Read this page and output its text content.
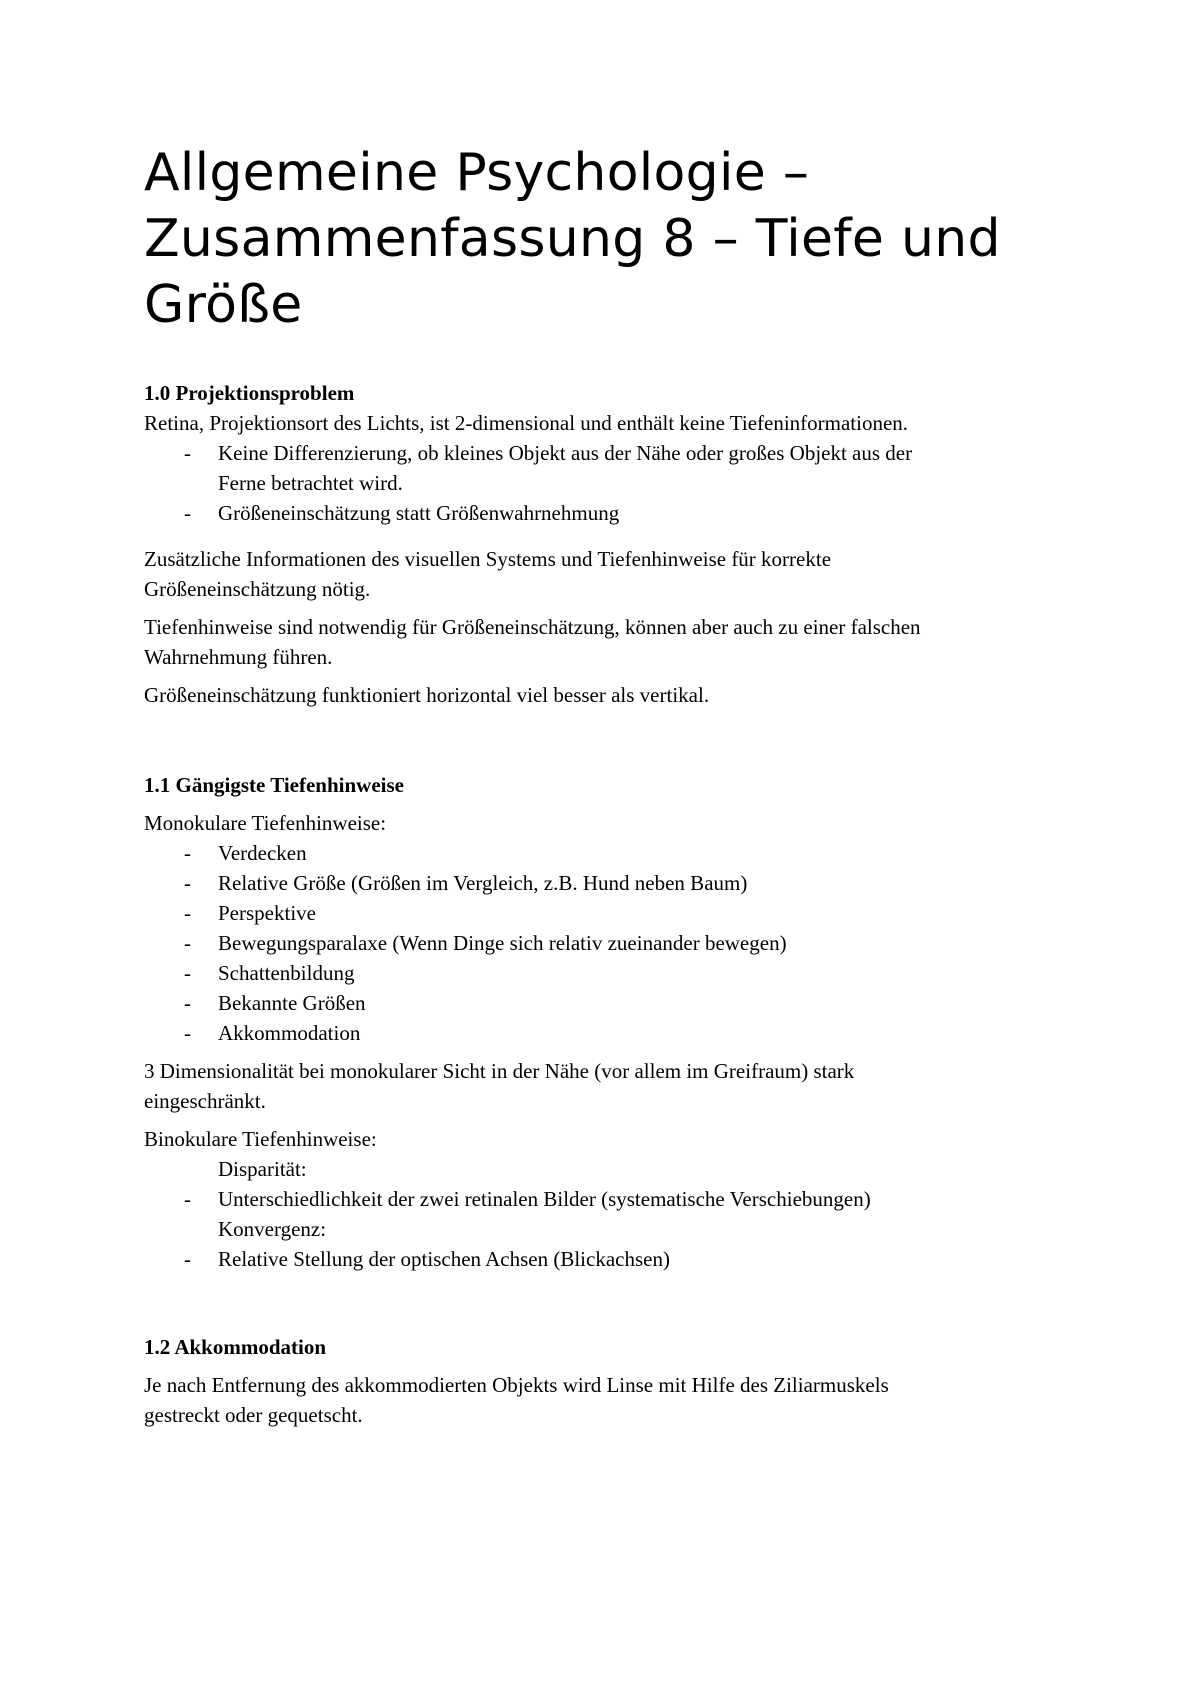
Allgemeine Psychologie –
Zusammenfassung 8 – Tiefe und
Größe

1.0 Projektionsproblem

Retina, Projektionsort des Lichts, ist 2-dimensional und enthält keine Tiefeninformationen.

- Keine Differenzierung, ob kleines Objekt aus der Nähe oder großes Objekt aus der
Ferne betrachtet wird.
- Größeneinschätzung statt Größenwahrnehmung

Zusätzliche Informationen des visuellen Systems und Tiefenhinweise für korrekte

Größeneinschätzung nötig.

Tiefenhinweise sind notwendig für Größeneinschätzung, können aber auch zu einer falschen

Wahrnehmung führen.

Größeneinschätzung funktioniert horizontal viel besser als vertikal.

1.1 Gängigste Tiefenhinweise

Monokulare Tiefenhinweise:

- Verdecken
- Relative Größe (Größen im Vergleich, z.B. Hund neben Baum)
- Perspektive
- Bewegungsparalaxe (Wenn Dinge sich relativ zueinander bewegen)
- Schattenbildung
- Bekannte Größen
- Akkommodation

3 Dimensionalität bei monokularer Sicht in der Nähe (vor allem im Greifraum) stark

eingeschränkt.

Binokulare Tiefenhinweise:

Disparität:
- Unterschiedlichkeit der zwei retinalen Bilder (systematische Verschiebungen)
Konvergenz:
- Relative Stellung der optischen Achsen (Blickachsen)

1.2 Akkommodation

Je nach Entfernung des akkommodierten Objekts wird Linse mit Hilfe des Ziliarmuskels

gestreckt oder gequetscht.
